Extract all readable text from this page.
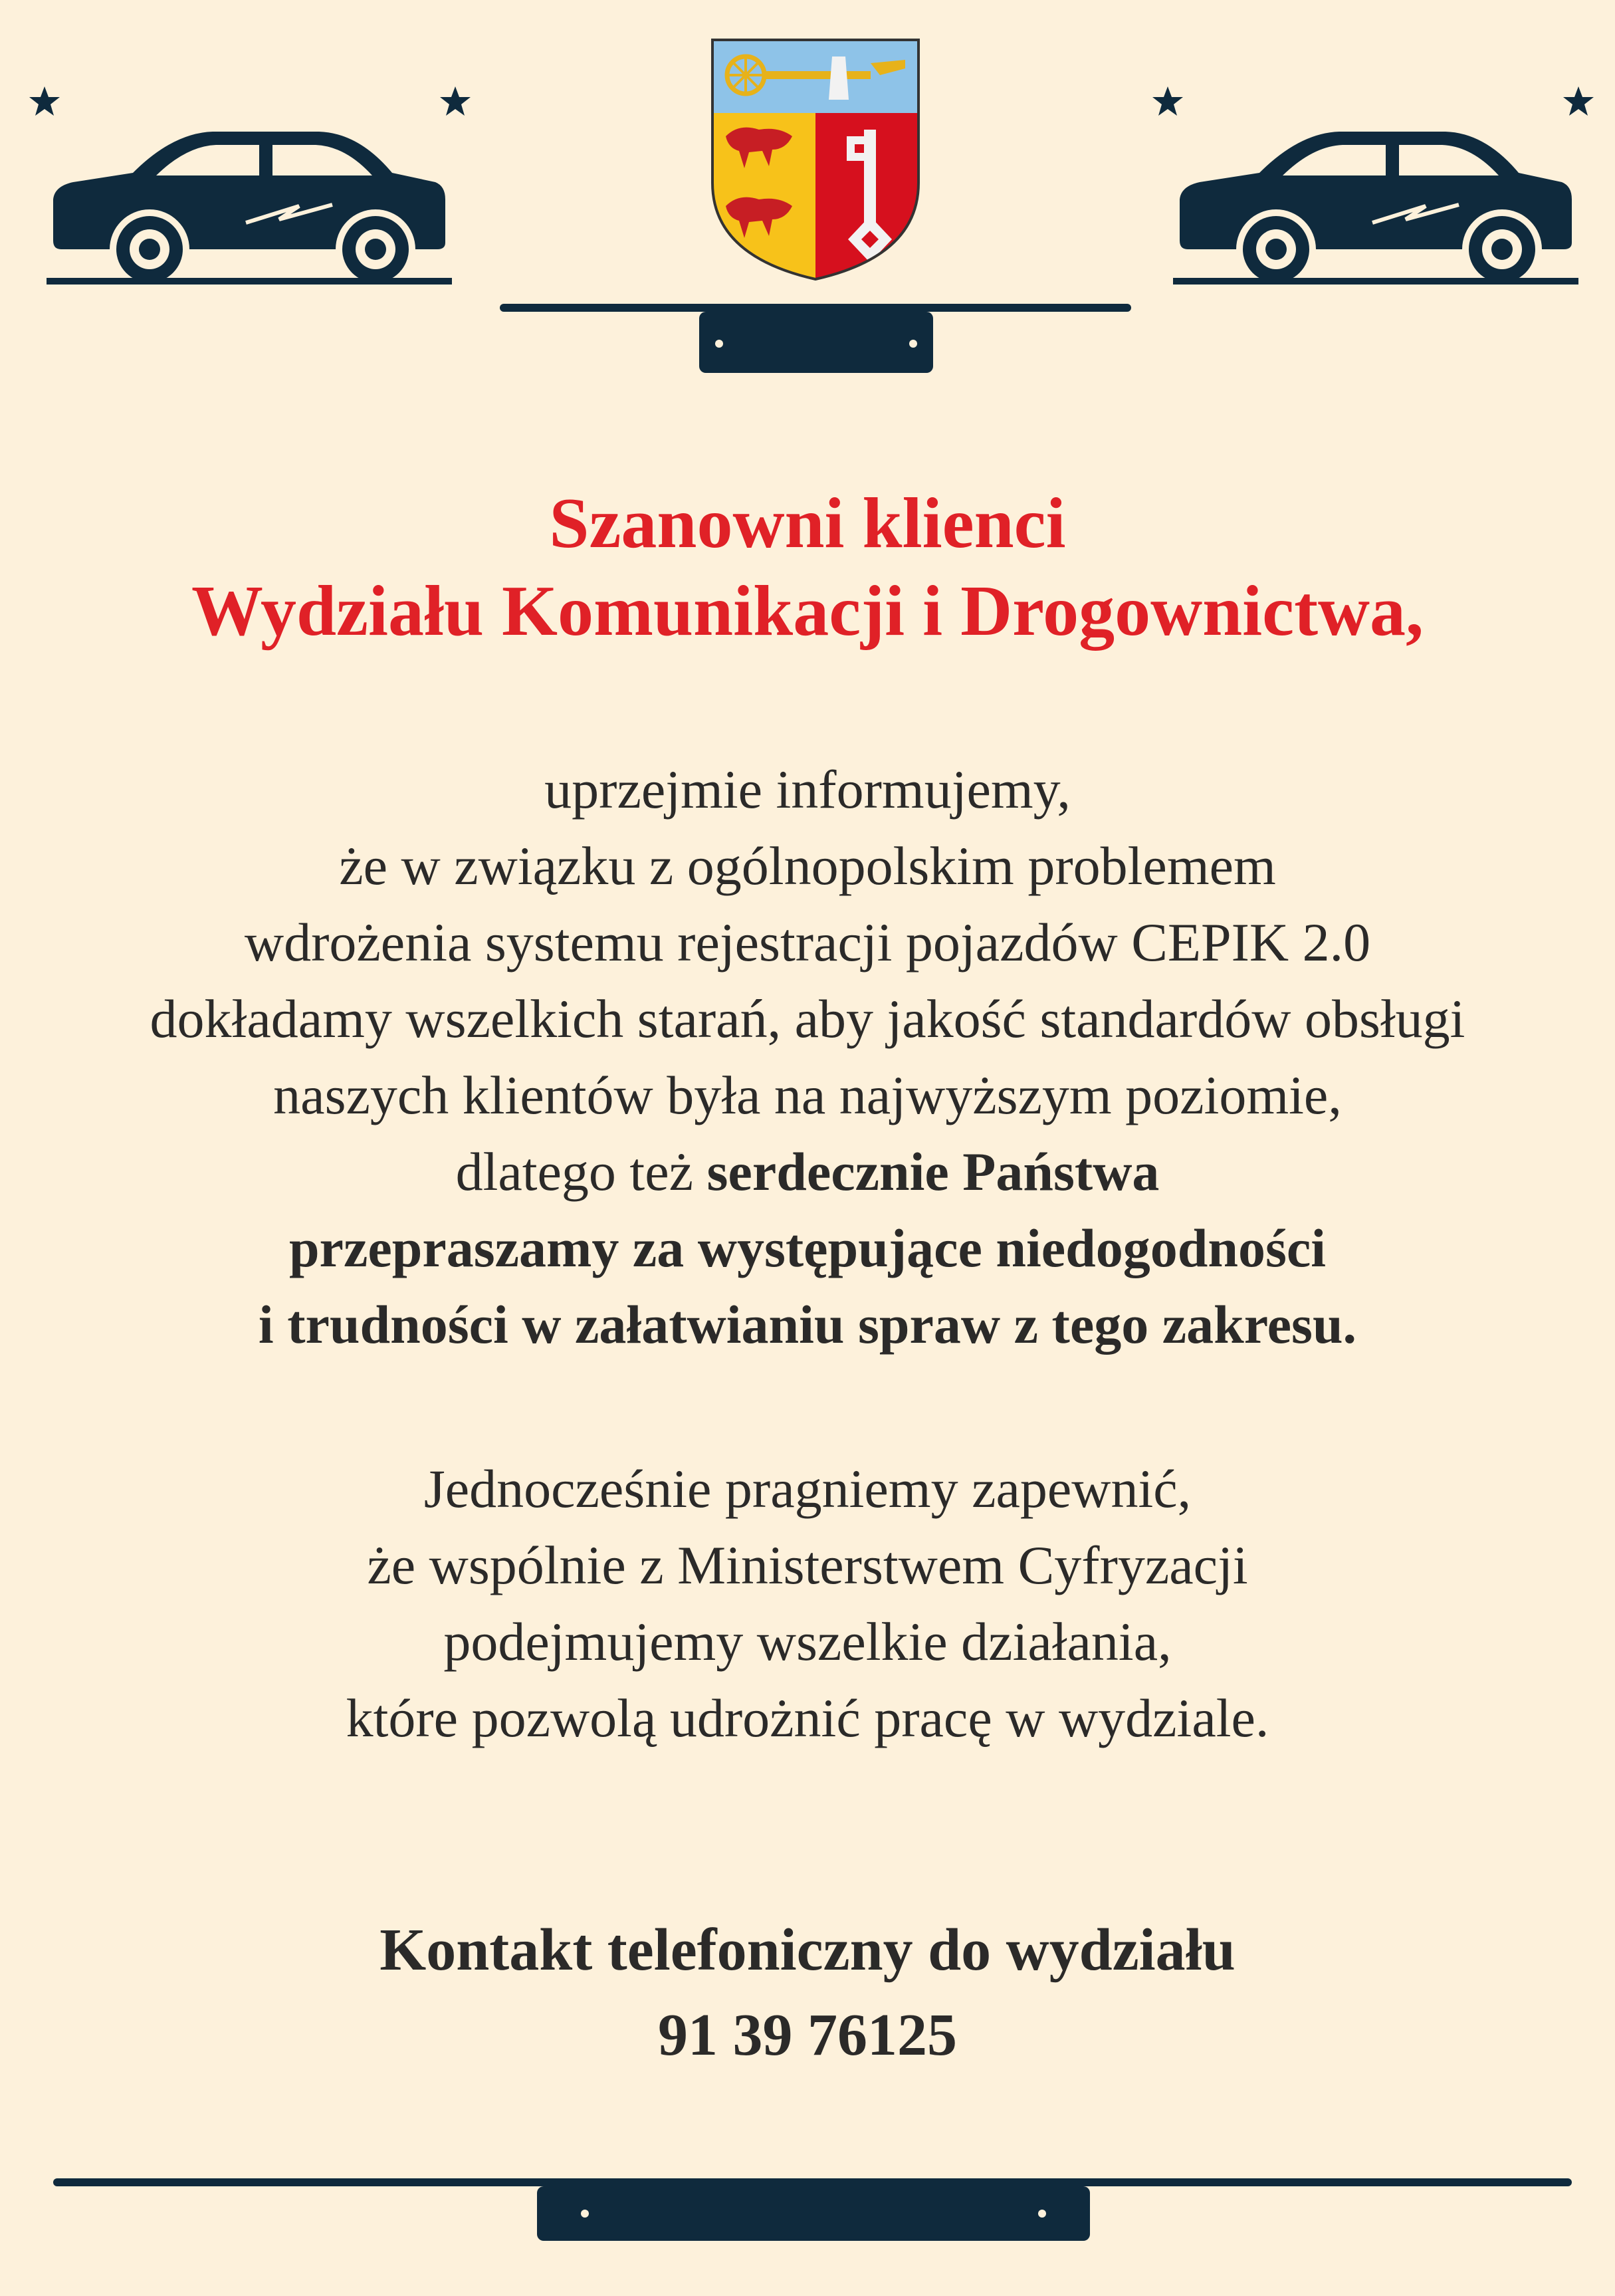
Szanowni klienci
Wydziału Komunikacji i Drogownictwa,
uprzejmie informujemy,
że w związku z ogólnopolskim problemem
wdrożenia systemu rejestracji pojazdów CEPIK 2.0
dokładamy wszelkich starań, aby jakość standardów obsługi
naszych klientów była na najwyższym poziomie,
dlatego też serdecznie Państwa
przepraszamy za występujące niedogodności
i trudności w załatwianiu spraw z tego zakresu.
Jednocześnie pragniemy zapewnić,
że wspólnie z Ministerstwem Cyfryzacji
podejmujemy wszelkie działania,
które pozwolą udrożnić pracę w wydziale.
Kontakt telefoniczny do wydziału
91 39 76125
